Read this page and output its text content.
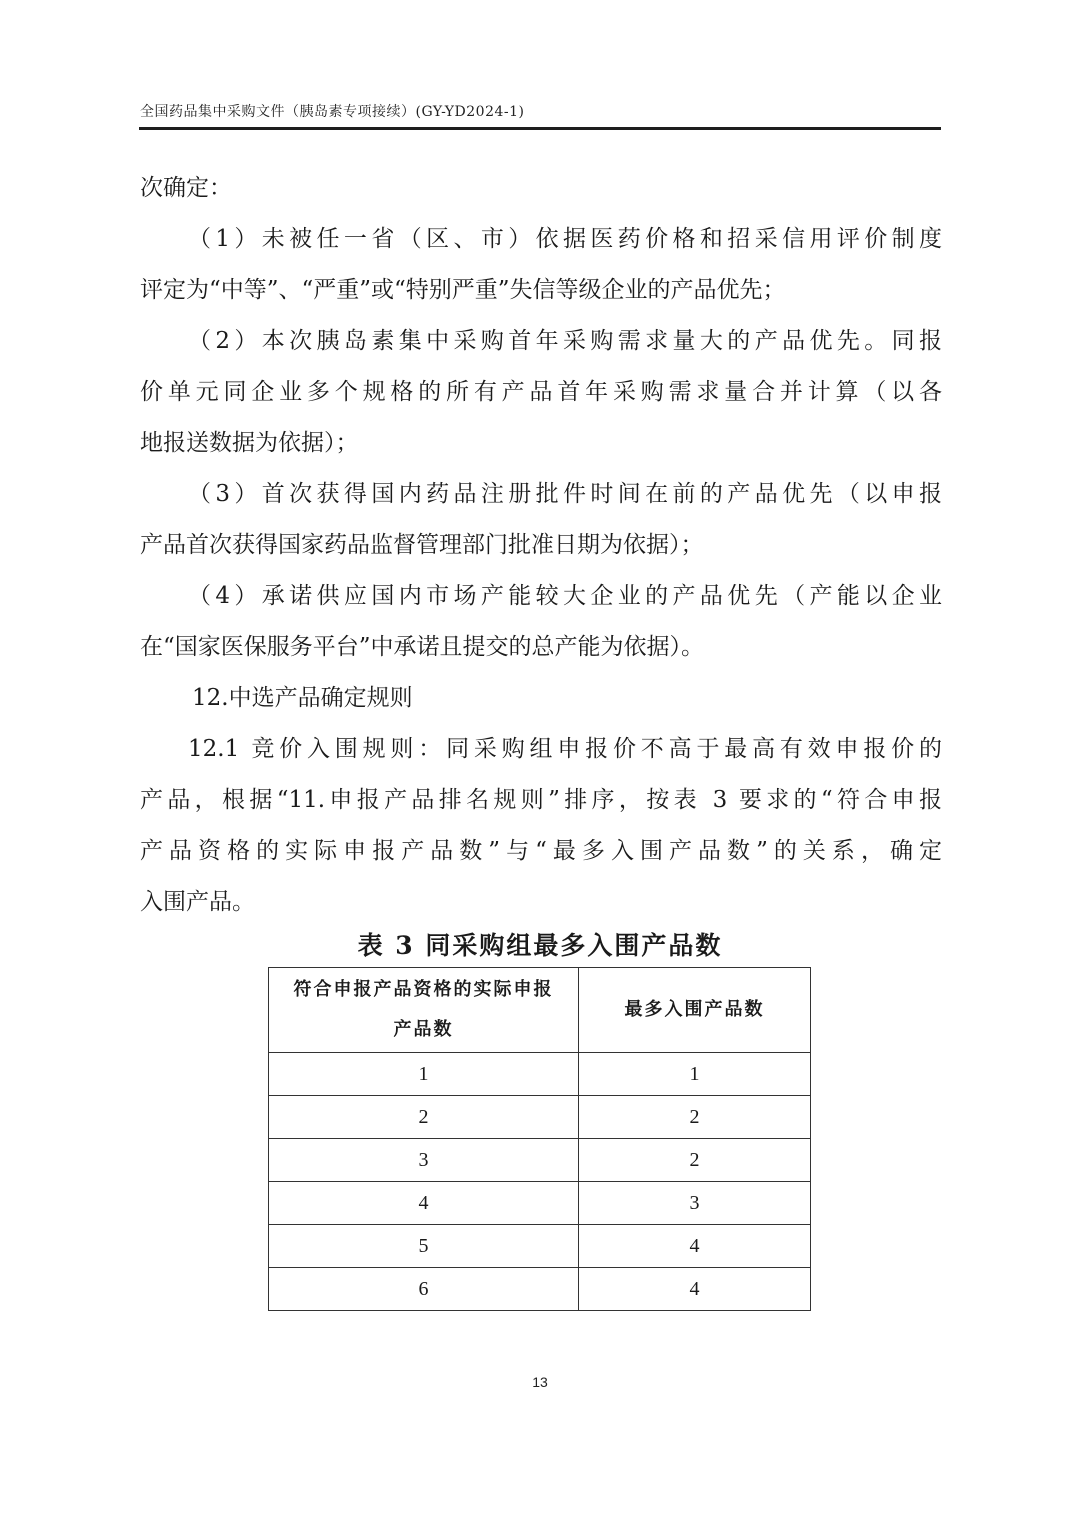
全国药品集中采购文件（胰岛素专项接续）(GY-YD2024-1)
次确定：
（1）未被任一省（区、市）依据医药价格和招采信用评价制度
评定为“中等”、“严重”或“特别严重”失信等级企业的产品优先；
（2）本次胰岛素集中采购首年采购需求量大的产品优先。同报
价单元同企业多个规格的所有产品首年采购需求量合并计算（以各
地报送数据为依据）；
（3）首次获得国内药品注册批件时间在前的产品优先（以申报
产品首次获得国家药品监督管理部门批准日期为依据）；
（4）承诺供应国内市场产能较大企业的产品优先（产能以企业
在“国家医保服务平台”中承诺且提交的总产能为依据）。
12.中选产品确定规则
12.1 竞价入围规则：同采购组申报价不高于最高有效申报价的
产品，根据“11.申报产品排名规则”排序，按表 3 要求的“符合申报
产品资格的实际申报产品数”与“最多入围产品数”的关系，确定
入围产品。
表 3 同采购组最多入围产品数
符合申报产品资格的实际申报
产品数	最多入围产品数
1	1
2	2
3	2
4	3
5	4
6	4
13
